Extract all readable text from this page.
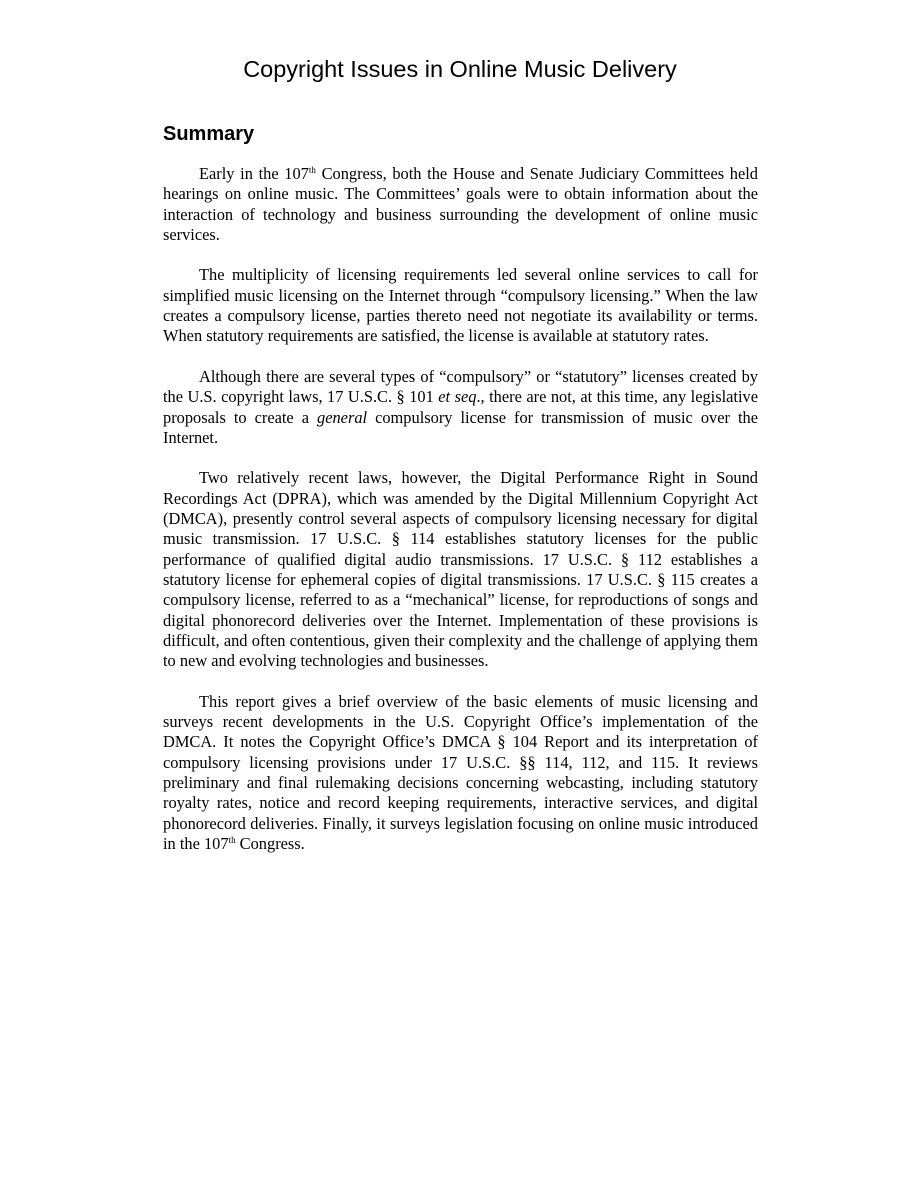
Copyright Issues in Online Music Delivery
Summary

Early in the 107th Congress, both the House and Senate Judiciary Committees held hearings on online music. The Committees’ goals were to obtain information about the interaction of technology and business surrounding the development of online music services.

The multiplicity of licensing requirements led several online services to call for simplified music licensing on the Internet through “compulsory licensing.” When the law creates a compulsory license, parties thereto need not negotiate its availability or terms. When statutory requirements are satisfied, the license is available at statutory rates.

Although there are several types of “compulsory” or “statutory” licenses created by the U.S. copyright laws, 17 U.S.C. § 101 et seq., there are not, at this time, any legislative proposals to create a general compulsory license for transmission of music over the Internet.

Two relatively recent laws, however, the Digital Performance Right in Sound Recordings Act (DPRA), which was amended by the Digital Millennium Copyright Act (DMCA), presently control several aspects of compulsory licensing necessary for digital music transmission. 17 U.S.C. § 114 establishes statutory licenses for the public performance of qualified digital audio transmissions. 17 U.S.C. § 112 establishes a statutory license for ephemeral copies of digital transmissions. 17 U.S.C. § 115 creates a compulsory license, referred to as a “mechanical” license, for reproductions of songs and digital phonorecord deliveries over the Internet. Implementation of these provisions is difficult, and often contentious, given their complexity and the challenge of applying them to new and evolving technologies and businesses.

This report gives a brief overview of the basic elements of music licensing and surveys recent developments in the U.S. Copyright Office’s implementation of the DMCA. It notes the Copyright Office’s DMCA § 104 Report and its interpretation of compulsory licensing provisions under 17 U.S.C. §§ 114, 112, and 115. It reviews preliminary and final rulemaking decisions concerning webcasting, including statutory royalty rates, notice and record keeping requirements, interactive services, and digital phonorecord deliveries. Finally, it surveys legislation focusing on online music introduced in the 107th Congress.
